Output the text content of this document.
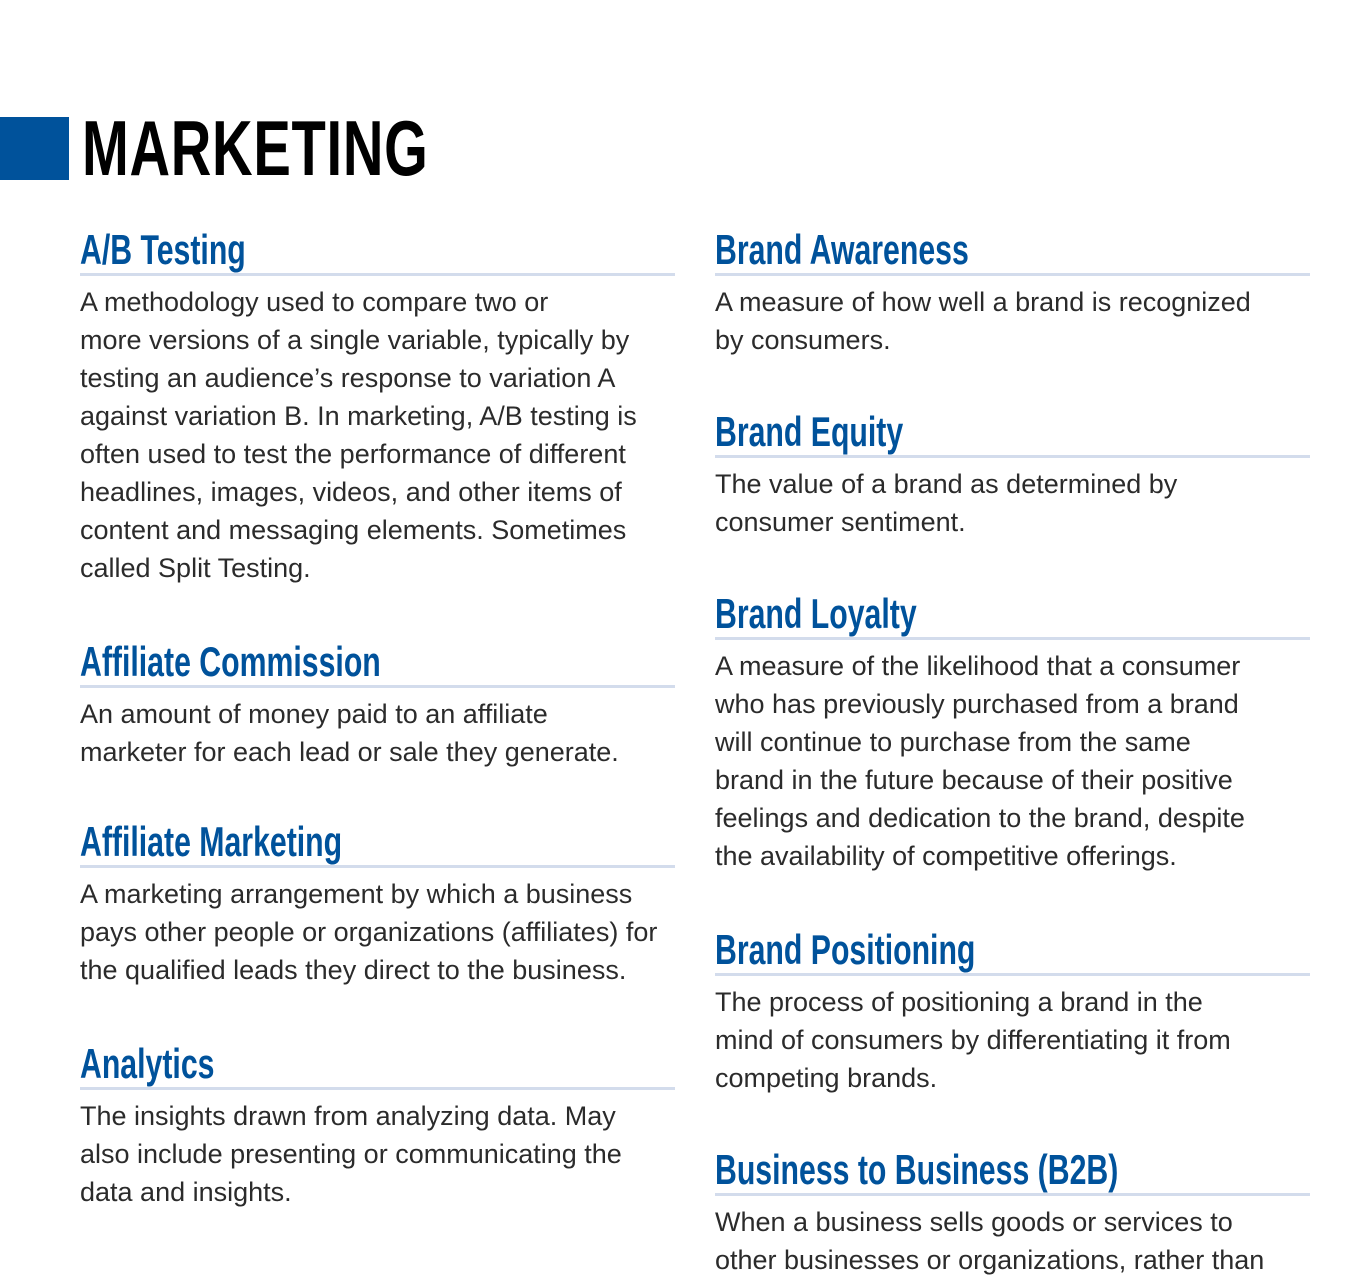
MARKETING
A/B Testing
A methodology used to compare two or
more versions of a single variable, typically by
testing an audience’s response to variation A
against variation B. In marketing, A/B testing is
often used to test the performance of different
headlines, images, videos, and other items of
content and messaging elements. Sometimes
called Split Testing.
Affiliate Commission
An amount of money paid to an affiliate
marketer for each lead or sale they generate.
Affiliate Marketing
A marketing arrangement by which a business
pays other people or organizations (affiliates) for
the qualified leads they direct to the business.
Analytics
The insights drawn from analyzing data. May
also include presenting or communicating the
data and insights.
Brand Awareness
A measure of how well a brand is recognized
by consumers.
Brand Equity
The value of a brand as determined by
consumer sentiment.
Brand Loyalty
A measure of the likelihood that a consumer
who has previously purchased from a brand
will continue to purchase from the same
brand in the future because of their positive
feelings and dedication to the brand, despite
the availability of competitive offerings.
Brand Positioning
The process of positioning a brand in the
mind of consumers by differentiating it from
competing brands.
Business to Business (B2B)
When a business sells goods or services to
other businesses or organizations, rather than
